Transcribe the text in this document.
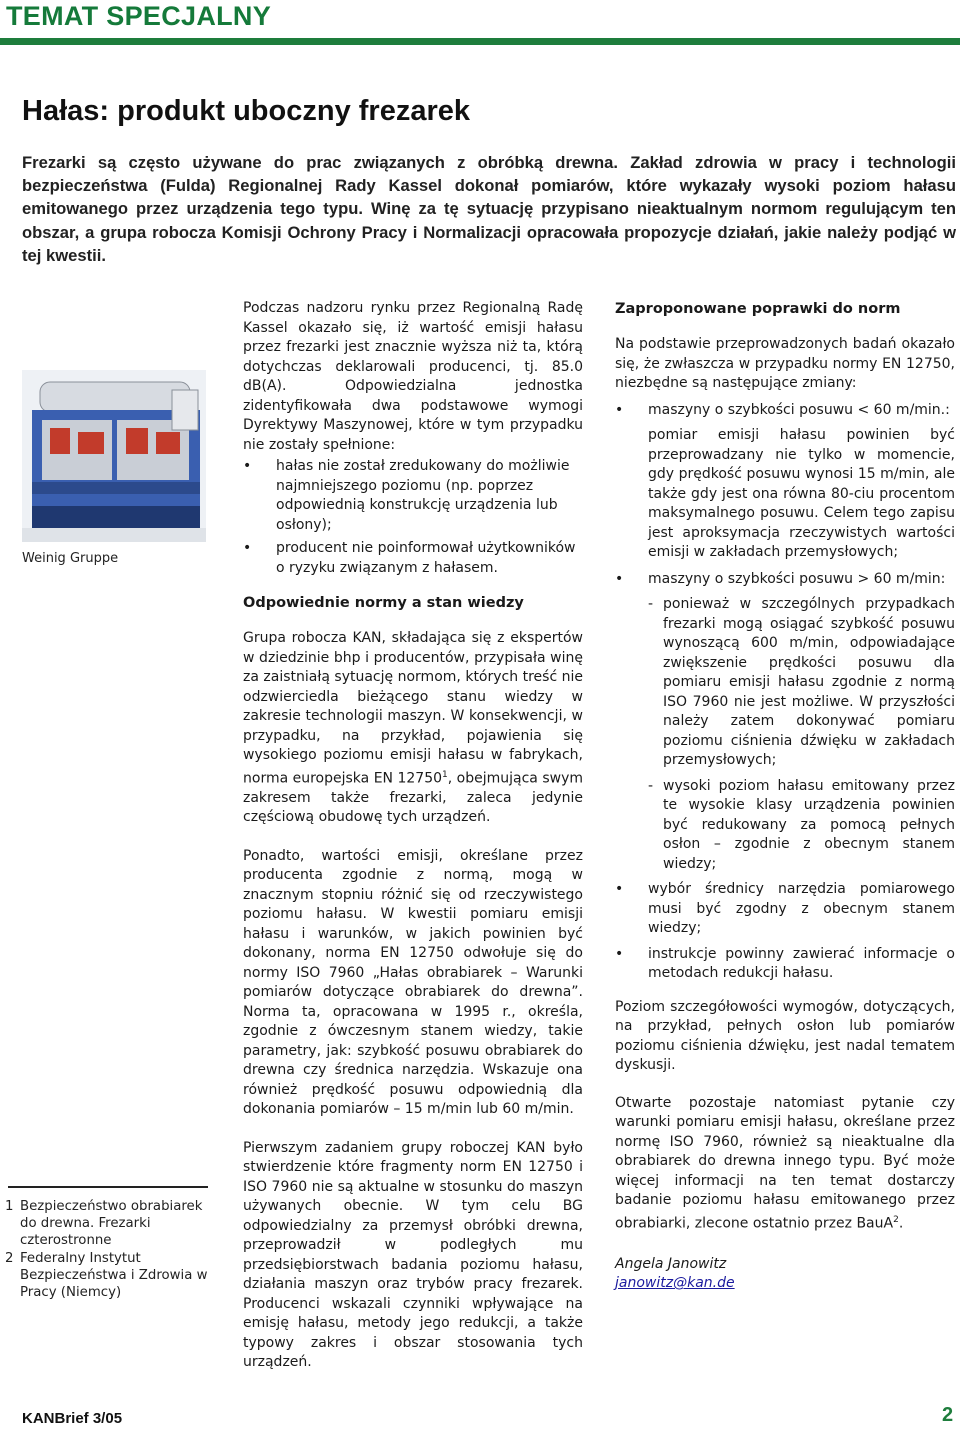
TEMAT SPECJALNY
Hałas: produkt uboczny frezarek

Frezarki są często używane do prac związanych z obróbką drewna. Zakład zdrowia w pracy i technologii bezpieczeństwa (Fulda) Regionalnej Rady Kassel dokonał pomiarów, które wykazały wysoki poziom hałasu emitowanego przez urządzenia tego typu. Winę za tę sytuację przypisano nieaktualnym normom regulującym ten obszar, a grupa robocza Komisji Ochrony Pracy i Normalizacji opracowała propozycje działań, jakie należy podjąć w tej kwestii.

Weinig Gruppe
1 Bezpieczeństwo obrabiarek do drewna. Frezarki czterostronne
2 Federalny Instytut Bezpieczeństwa i Zdrowia w Pracy (Niemcy)

Podczas nadzoru rynku przez Regionalną Radę Kassel okazało się, iż wartość emisji hałasu przez frezarki jest znacznie wyższa niż ta, którą dotychczas deklarowali producenci, tj. 85.0 dB(A). Odpowiedzialna jednostka zidentyfikowała dwa podstawowe wymogi Dyrektywy Maszynowej, które w tym przypadku nie zostały spełnione:

• hałas nie został zredukowany do możliwie najmniejszego poziomu (np. poprzez odpowiednią konstrukcję urządzenia lub osłony);
• producent nie poinformował użytkowników o ryzyku związanym z hałasem.
Odpowiednie normy a stan wiedzy

Grupa robocza KAN, składająca się z ekspertów w dziedzinie bhp i producentów, przypisała winę za zaistniałą sytuację normom, których treść nie odzwierciedla bieżącego stanu wiedzy w zakresie technologii maszyn. W konsekwencji, w przypadku, na przykład, pojawienia się wysokiego poziomu emisji hałasu w fabrykach, norma europejska EN 12750$^1$, obejmująca swym zakresem także frezarki, zaleca jedynie częściową obudowę tych urządzeń.

Ponadto, wartości emisji, określane przez producenta zgodnie z normą, mogą w znacznym stopniu różnić się od rzeczywistego poziomu hałasu. W kwestii pomiaru emisji hałasu i warunków, w jakich powinien być dokonany, norma EN 12750 odwołuje się do normy ISO 7960 „Hałas obrabiarek – Warunki pomiarów dotyczące obrabiarek do drewna”. Norma ta, opracowana w 1995 r., określa, zgodnie z ówczesnym stanem wiedzy, takie parametry, jak: szybkość posuwu obrabiarek do drewna czy średnica narzędzia. Wskazuje ona również prędkość posuwu odpowiednią dla dokonania pomiarów – 15 m/min lub 60 m/min.

Pierwszym zadaniem grupy roboczej KAN było stwierdzenie które fragmenty norm EN 12750 i ISO 7960 nie są aktualne w stosunku do maszyn używanych obecnie. W tym celu BG odpowiedzialny za przemysł obróbki drewna, przeprowadził w podległych mu przedsiębiorstwach badania poziomu hałasu, działania maszyn oraz trybów pracy frezarek. Producenci wskazali czynniki wpływające na emisję hałasu, metody jego redukcji, a także typowy zakres i obszar stosowania tych urządzeń.

Zaproponowane poprawki do norm

Na podstawie przeprowadzonych badań okazało się, że zwłaszcza w przypadku normy EN 12750, niezbędne są następujące zmiany:

• maszyny o szybkości posuwu < 60 m/min.:

pomiar emisji hałasu powinien być przeprowadzany nie tylko w momencie, gdy prędkość posuwu wynosi 15 m/min, ale także gdy jest ona równa 80-ciu procentom maksymalnego posuwu. Celem tego zapisu jest aproksymacja rzeczywistych wartości emisji w zakładach przemysłowych;

• maszyny o szybkości posuwu > 60 m/min:

- ponieważ w szczególnych przypadkach frezarki mogą osiągać szybkość posuwu wynoszącą 600 m/min, odpowiadające zwiększenie prędkości posuwu dla pomiaru emisji hałasu zgodnie z normą ISO 7960 nie jest możliwe. W przyszłości należy zatem dokonywać pomiaru poziomu ciśnienia dźwięku w zakładach przemysłowych;

- wysoki poziom hałasu emitowany przez te wysokie klasy urządzenia powinien być redukowany za pomocą pełnych osłon – zgodnie z obecnym stanem wiedzy;

• wybór średnicy narzędzia pomiarowego musi być zgodny z obecnym stanem wiedzy;

• instrukcje powinny zawierać informacje o metodach redukcji hałasu.

Poziom szczegółowości wymogów, dotyczących, na przykład, pełnych osłon lub pomiarów poziomu ciśnienia dźwięku, jest nadal tematem dyskusji.

Otwarte pozostaje natomiast pytanie czy warunki pomiaru emisji hałasu, określane przez normę ISO 7960, również są nieaktualne dla obrabiarek do drewna innego typu. Być może więcej informacji na ten temat dostarczy badanie poziomu hałasu emitowanego przez obrabiarki, zlecone ostatnio przez BauA$^2$.

Angela Janowitz

janowitz@kan.de

KANBrief 3/05	2
